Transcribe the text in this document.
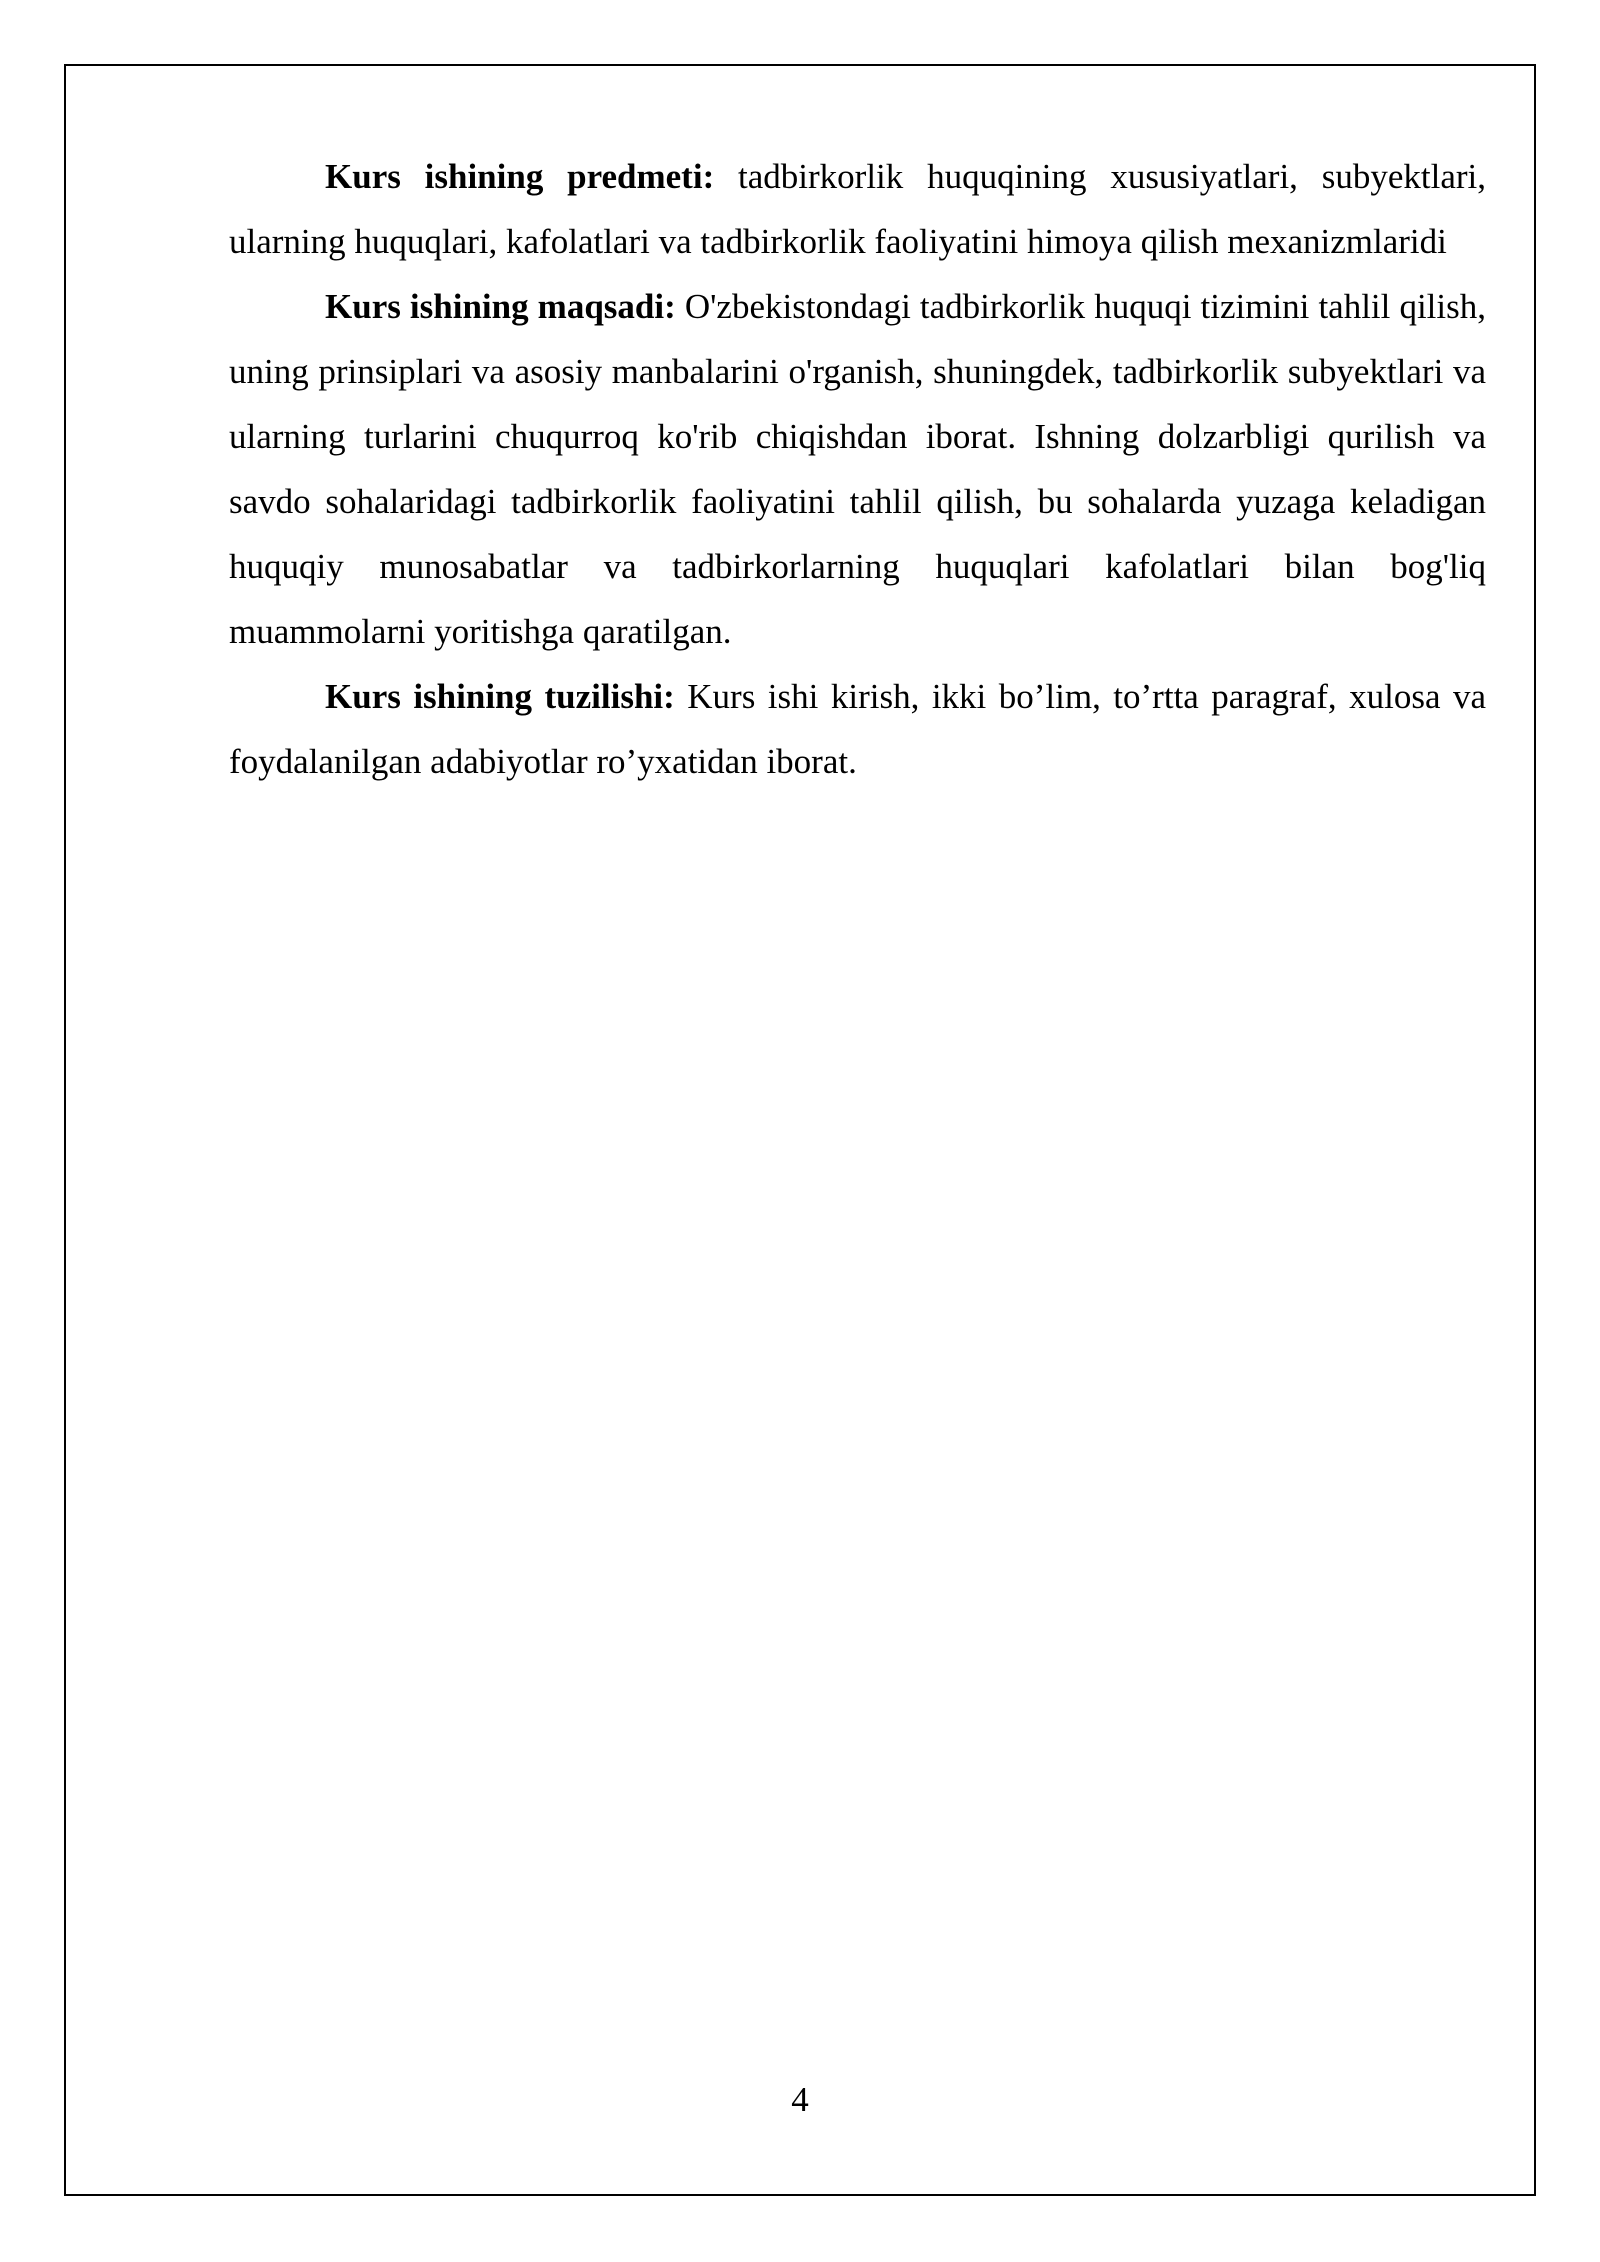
Kurs ishining predmeti: tadbirkorlik huquqining xususiyatlari, subyektlari, ularning huquqlari, kafolatlari va tadbirkorlik faoliyatini himoya qilish mexanizmlaridi

Kurs ishining maqsadi: O'zbekistondagi tadbirkorlik huquqi tizimini tahlil qilish, uning prinsiplari va asosiy manbalarini o'rganish, shuningdek, tadbirkorlik subyektlari va ularning turlarini chuqurroq ko'rib chiqishdan iborat. Ishning dolzarbligi qurilish va savdo sohalaridagi tadbirkorlik faoliyatini tahlil qilish, bu sohalarda yuzaga keladigan huquqiy munosabatlar va tadbirkorlarning huquqlari kafolatlari bilan bog'liq muammolarni yoritishga qaratilgan.

Kurs ishining tuzilishi: Kurs ishi kirish, ikki bo’lim, to’rtta paragraf, xulosa va foydalanilgan adabiyotlar ro’yxatidan iborat.

4
